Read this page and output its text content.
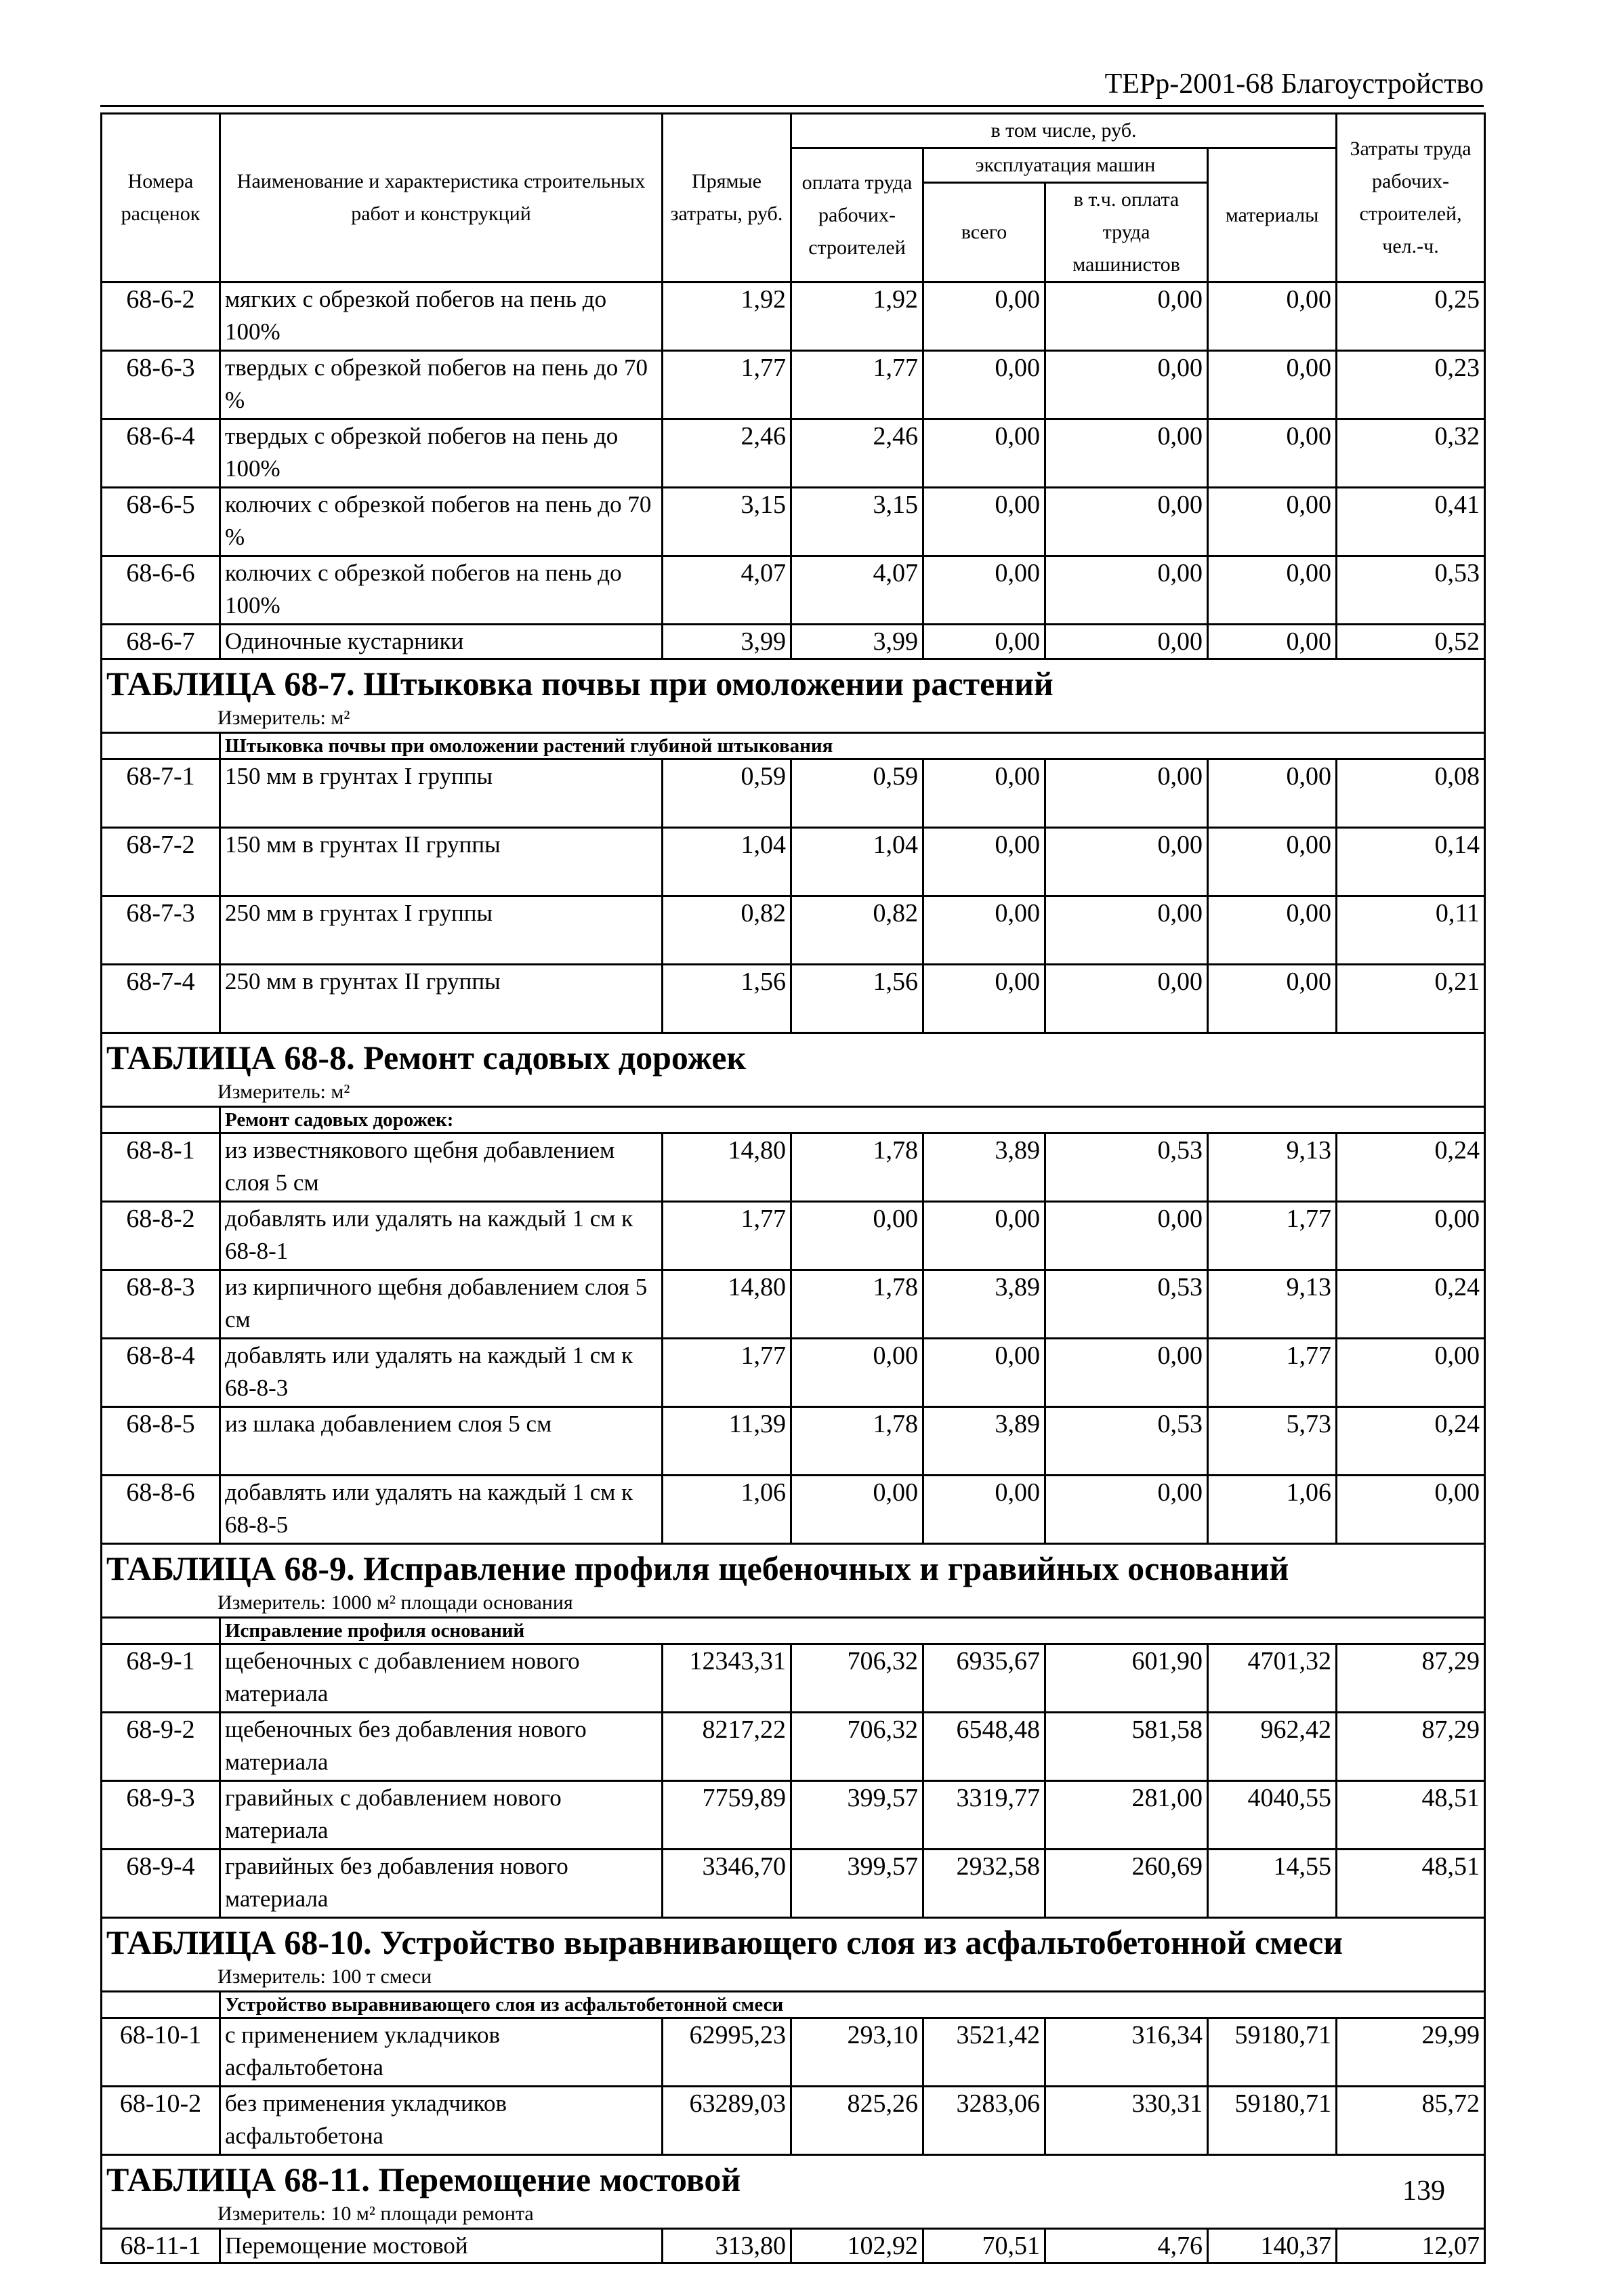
ТЕРр-2001-68 Благоустройство
Номера расценок	Наименование и характеристика строительных работ и конструкций	Прямые затраты, руб.	в том числе, руб.				Затраты труда рабочих-строителей, чел.-ч.
			оплата труда рабочих-строителей	эксплуатация машин		материалы	
				всего	в т.ч. оплата труда машинистов		
68-6-2	мягких с обрезкой побегов на пень до 100%	1,92	1,92	0,00	0,00	0,00	0,25
68-6-3	твердых с обрезкой побегов на пень до 70 %	1,77	1,77	0,00	0,00	0,00	0,23
68-6-4	твердых с обрезкой побегов на пень до 100%	2,46	2,46	0,00	0,00	0,00	0,32
68-6-5	колючих с обрезкой побегов на пень до 70 %	3,15	3,15	0,00	0,00	0,00	0,41
68-6-6	колючих с обрезкой побегов на пень до 100%	4,07	4,07	0,00	0,00	0,00	0,53
68-6-7	Одиночные кустарники	3,99	3,99	0,00	0,00	0,00	0,52
ТАБЛИЦА 68-7. Штыковка почвы при омоложении растений							
Измеритель: м²							
	Штыковка почвы при омоложении растений глубиной штыкования						
68-7-1	150 мм в грунтах I группы	0,59	0,59	0,00	0,00	0,00	0,08
68-7-2	150 мм в грунтах II группы	1,04	1,04	0,00	0,00	0,00	0,14
68-7-3	250 мм в грунтах I группы	0,82	0,82	0,00	0,00	0,00	0,11
68-7-4	250 мм в грунтах II группы	1,56	1,56	0,00	0,00	0,00	0,21
ТАБЛИЦА 68-8. Ремонт садовых дорожек							
Измеритель: м²							
	Ремонт садовых дорожек:						
68-8-1	из известнякового щебня добавлением слоя 5 см	14,80	1,78	3,89	0,53	9,13	0,24
68-8-2	добавлять или удалять на каждый 1 см к 68-8-1	1,77	0,00	0,00	0,00	1,77	0,00
68-8-3	из кирпичного щебня добавлением слоя 5 см	14,80	1,78	3,89	0,53	9,13	0,24
68-8-4	добавлять или удалять на каждый 1 см к 68-8-3	1,77	0,00	0,00	0,00	1,77	0,00
68-8-5	из шлака добавлением слоя 5 см	11,39	1,78	3,89	0,53	5,73	0,24
68-8-6	добавлять или удалять на каждый 1 см к 68-8-5	1,06	0,00	0,00	0,00	1,06	0,00
ТАБЛИЦА 68-9. Исправление профиля щебеночных и гравийных оснований							
Измеритель: 1000 м² площади основания							
	Исправление профиля оснований						
68-9-1	щебеночных с добавлением нового материала	12343,31	706,32	6935,67	601,90	4701,32	87,29
68-9-2	щебеночных без добавления нового материала	8217,22	706,32	6548,48	581,58	962,42	87,29
68-9-3	гравийных с добавлением нового материала	7759,89	399,57	3319,77	281,00	4040,55	48,51
68-9-4	гравийных без добавления нового материала	3346,70	399,57	2932,58	260,69	14,55	48,51
ТАБЛИЦА 68-10. Устройство выравнивающего слоя из асфальтобетонной смеси							
Измеритель: 100 т смеси							
	Устройство выравнивающего слоя из асфальтобетонной смеси						
68-10-1	с применением укладчиков асфальтобетона	62995,23	293,10	3521,42	316,34	59180,71	29,99
68-10-2	без применения укладчиков асфальтобетона	63289,03	825,26	3283,06	330,31	59180,71	85,72
ТАБЛИЦА 68-11. Перемощение мостовой							
Измеритель: 10 м² площади ремонта							
68-11-1	Перемощение мостовой	313,80	102,92	70,51	4,76	140,37	12,07
139
